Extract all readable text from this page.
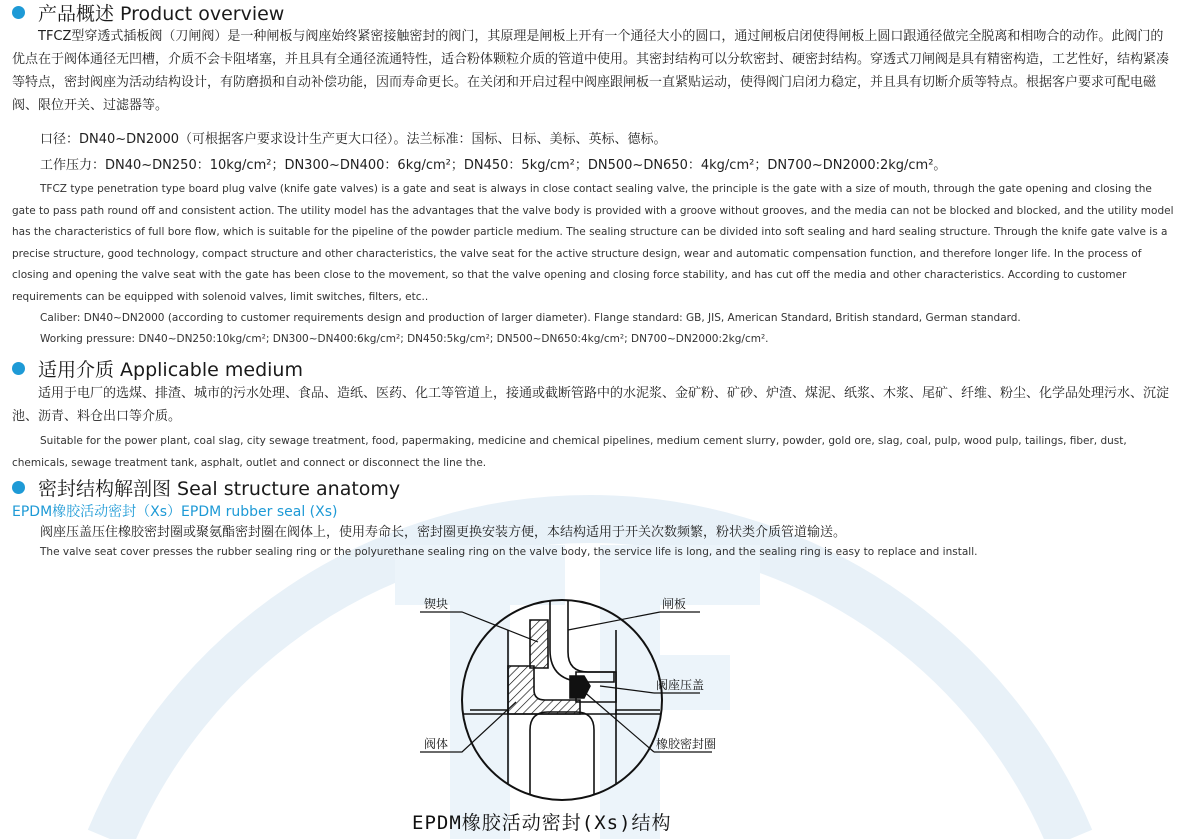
产品概述 Product overview

TFCZ型穿透式插板阀（刀闸阀）是一种闸板与阀座始终紧密接触密封的阀门，其原理是闸板上开有一个通径大小的圆口，通过闸板启闭使得闸板上圆口跟通径做完全脱离和相吻合的动作。此阀门的优点在于阀体通径无凹槽，介质不会卡阻堵塞，并且具有全通径流通特性，适合粉体颗粒介质的管道中使用。其密封结构可以分软密封、硬密封结构。穿透式刀闸阀是具有精密构造，工艺性好，结构紧凑等特点，密封阀座为活动结构设计，有防磨损和自动补偿功能，因而寿命更长。在关闭和开启过程中阀座跟闸板一直紧贴运动，使得阀门启闭力稳定，并且具有切断介质等特点。根据客户要求可配电磁阀、限位开关、过滤器等。

口径：DN40~DN2000（可根据客户要求设计生产更大口径）。法兰标准：国标、日标、美标、英标、德标。
工作压力：DN40~DN250：10kg/cm²；DN300~DN400：6kg/cm²；DN450：5kg/cm²；DN500~DN650：4kg/cm²；DN700~DN2000:2kg/cm²。

TFCZ type penetration type board plug valve (knife gate valves) is a gate and seat is always in close contact sealing valve, the principle is the gate with a size of mouth, through the gate opening and closing the gate to pass path round off and consistent action. The utility model has the advantages that the valve body is provided with a groove without grooves, and the media can not be blocked and blocked, and the utility model has the characteristics of full bore flow, which is suitable for the pipeline of the powder particle medium. The sealing structure can be divided into soft sealing and hard sealing structure. Through the knife gate valve is a precise structure, good technology, compact structure and other characteristics, the valve seat for the active structure design, wear and automatic compensation function, and therefore longer life. In the process of closing and opening the valve seat with the gate has been close to the movement, so that the valve opening and closing force stability, and has cut off the media and other characteristics. According to customer requirements can be equipped with solenoid valves, limit switches, filters, etc..

Caliber: DN40~DN2000 (according to customer requirements design and production of larger diameter). Flange standard: GB, JIS, American Standard, British standard, German standard.
Working pressure: DN40~DN250:10kg/cm²; DN300~DN400:6kg/cm²; DN450:5kg/cm²; DN500~DN650:4kg/cm²; DN700~DN2000:2kg/cm².
适用介质 Applicable medium

适用于电厂的选煤、排渣、城市的污水处理、食品、造纸、医药、化工等管道上，接通或截断管路中的水泥浆、金矿粉、矿砂、炉渣、煤泥、纸浆、木浆、尾矿、纤维、粉尘、化学品处理污水、沉淀池、沥青、料仓出口等介质。

Suitable for the power plant, coal slag, city sewage treatment, food, papermaking, medicine and chemical pipelines, medium cement slurry, powder, gold ore, slag, coal, pulp, wood pulp, tailings, fiber, dust, chemicals, sewage treatment tank, asphalt, outlet and connect or disconnect the line the.

密封结构解剖图 Seal structure anatomy
EPDM橡胶活动密封（Xs）EPDM rubber seal (Xs)
阀座压盖压住橡胶密封圈或聚氨酯密封圈在阀体上，使用寿命长，密封圈更换安装方便，本结构适用于开关次数频繁，粉状类介质管道输送。
The valve seat cover presses the rubber sealing ring or the polyurethane sealing ring on the valve body, the service life is long, and the sealing ring is easy to replace and install.
锲块	闸板
阀座压盖
阀体	橡胶密封圈
EPDM橡胶活动密封(Xs)结构
